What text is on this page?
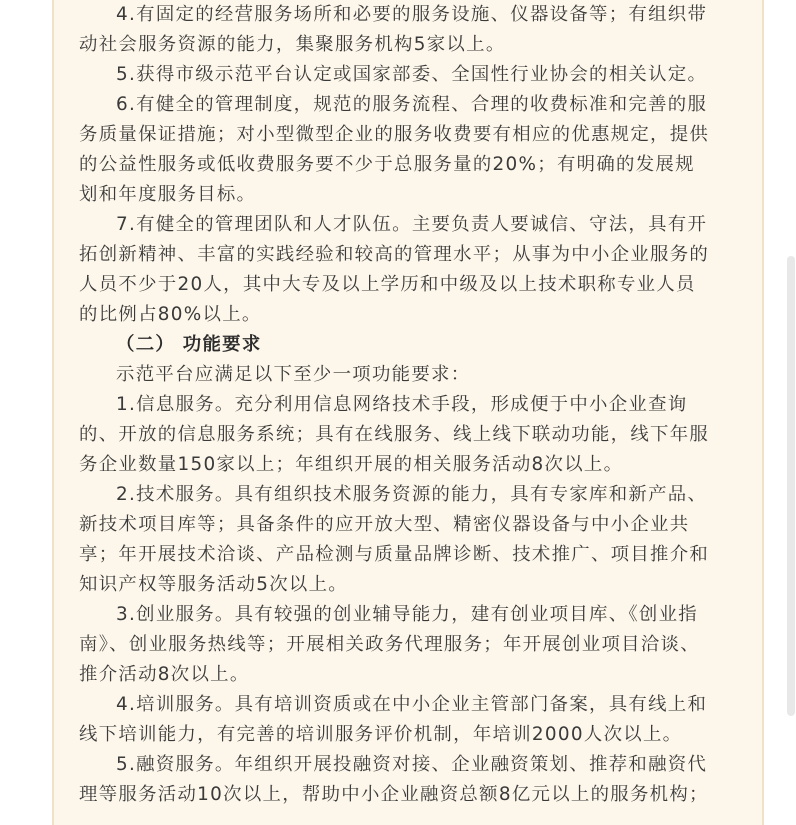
4.有固定的经营服务场所和必要的服务设施、仪器设备等；有组织带
动社会服务资源的能力，集聚服务机构5家以上。
5.获得市级示范平台认定或国家部委、全国性行业协会的相关认定。
6.有健全的管理制度，规范的服务流程、合理的收费标准和完善的服
务质量保证措施；对小型微型企业的服务收费要有相应的优惠规定，提供
的公益性服务或低收费服务要不少于总服务量的20%；有明确的发展规
划和年度服务目标。
7.有健全的管理团队和人才队伍。主要负责人要诚信、守法，具有开
拓创新精神、丰富的实践经验和较高的管理水平；从事为中小企业服务的
人员不少于20人，其中大专及以上学历和中级及以上技术职称专业人员
的比例占80%以上。
（二） 功能要求
示范平台应满足以下至少一项功能要求：
1.信息服务。充分利用信息网络技术手段，形成便于中小企业查询
的、开放的信息服务系统；具有在线服务、线上线下联动功能，线下年服
务企业数量150家以上；年组织开展的相关服务活动8次以上。
2.技术服务。具有组织技术服务资源的能力，具有专家库和新产品、
新技术项目库等；具备条件的应开放大型、精密仪器设备与中小企业共
享；年开展技术洽谈、产品检测与质量品牌诊断、技术推广、项目推介和
知识产权等服务活动5次以上。
3.创业服务。具有较强的创业辅导能力，建有创业项目库、《创业指
南》、创业服务热线等；开展相关政务代理服务；年开展创业项目洽谈、
推介活动8次以上。
4.培训服务。具有培训资质或在中小企业主管部门备案，具有线上和
线下培训能力，有完善的培训服务评价机制，年培训2000人次以上。
5.融资服务。年组织开展投融资对接、企业融资策划、推荐和融资代
理等服务活动10次以上，帮助中小企业融资总额8亿元以上的服务机构；
